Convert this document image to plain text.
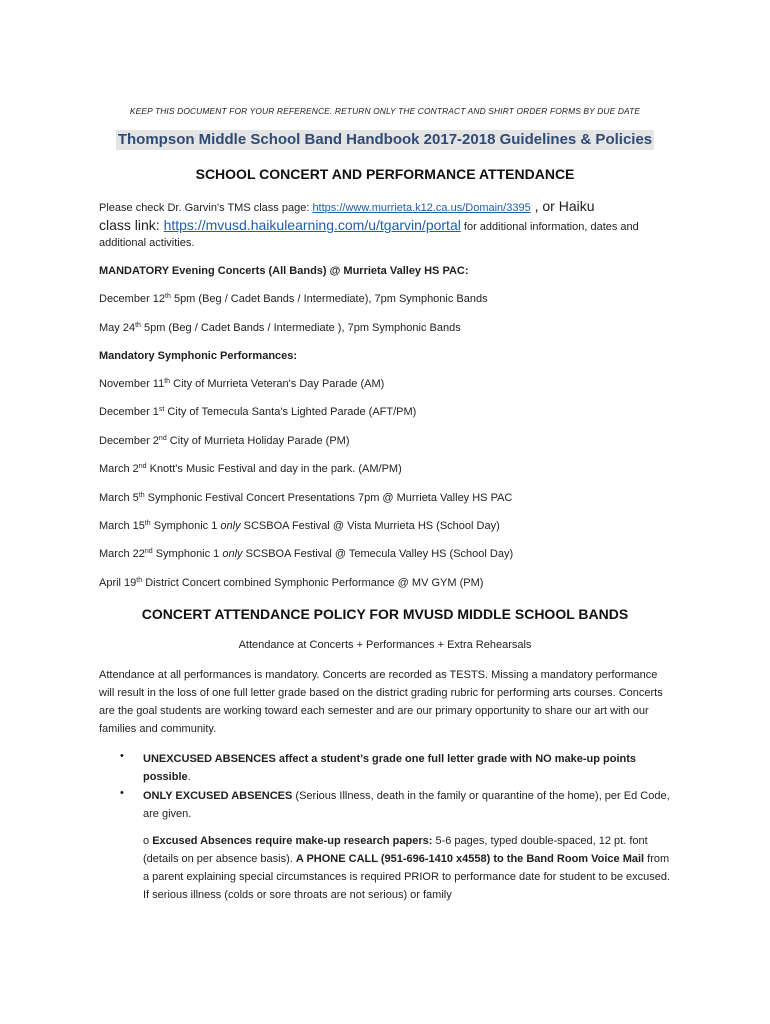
KEEP THIS DOCUMENT FOR YOUR REFERENCE. RETURN ONLY THE CONTRACT AND SHIRT ORDER FORMS BY DUE DATE
Thompson Middle School Band Handbook 2017-2018 Guidelines & Policies
SCHOOL CONCERT AND PERFORMANCE ATTENDANCE
Please check Dr. Garvin's TMS class page: https://www.murrieta.k12.ca.us/Domain/3395 , or Haiku
class link: https://mvusd.haikulearning.com/u/tgarvin/portal for additional information, dates and
additional activities.
MANDATORY Evening Concerts (All Bands) @ Murrieta Valley HS PAC:
December 12th 5pm (Beg / Cadet Bands / Intermediate), 7pm Symphonic Bands
May 24th 5pm (Beg / Cadet Bands / Intermediate ), 7pm Symphonic Bands
Mandatory Symphonic Performances:
November 11th City of Murrieta Veteran's Day Parade (AM)
December 1st City of Temecula Santa's Lighted Parade (AFT/PM)
December 2nd City of Murrieta Holiday Parade (PM)
March 2nd Knott's Music Festival and day in the park. (AM/PM)
March 5th Symphonic Festival Concert Presentations 7pm @ Murrieta Valley HS PAC
March 15th Symphonic 1 only SCSBOA Festival @ Vista Murrieta HS (School Day)
March 22nd Symphonic 1 only SCSBOA Festival @ Temecula Valley HS (School Day)
April 19th District Concert combined Symphonic Performance @ MV GYM (PM)
CONCERT ATTENDANCE POLICY FOR MVUSD MIDDLE SCHOOL BANDS
Attendance at Concerts + Performances + Extra Rehearsals
Attendance at all performances is mandatory. Concerts are recorded as TESTS. Missing a mandatory performance will result in the loss of one full letter grade based on the district grading rubric for performing arts courses. Concerts are the goal students are working toward each semester and are our primary opportunity to share our art with our families and community.
• UNEXCUSED ABSENCES affect a student’s grade one full letter grade with NO make-up points possible.
• ONLY EXCUSED ABSENCES (Serious Illness, death in the family or quarantine of the home), per Ed Code, are given.
o Excused Absences require make-up research papers: 5-6 pages, typed double-spaced, 12 pt. font (details on per absence basis). A PHONE CALL (951-696-1410 x4558) to the Band Room Voice Mail from a parent explaining special circumstances is required PRIOR to performance date for student to be excused. If serious illness (colds or sore throats are not serious) or family
